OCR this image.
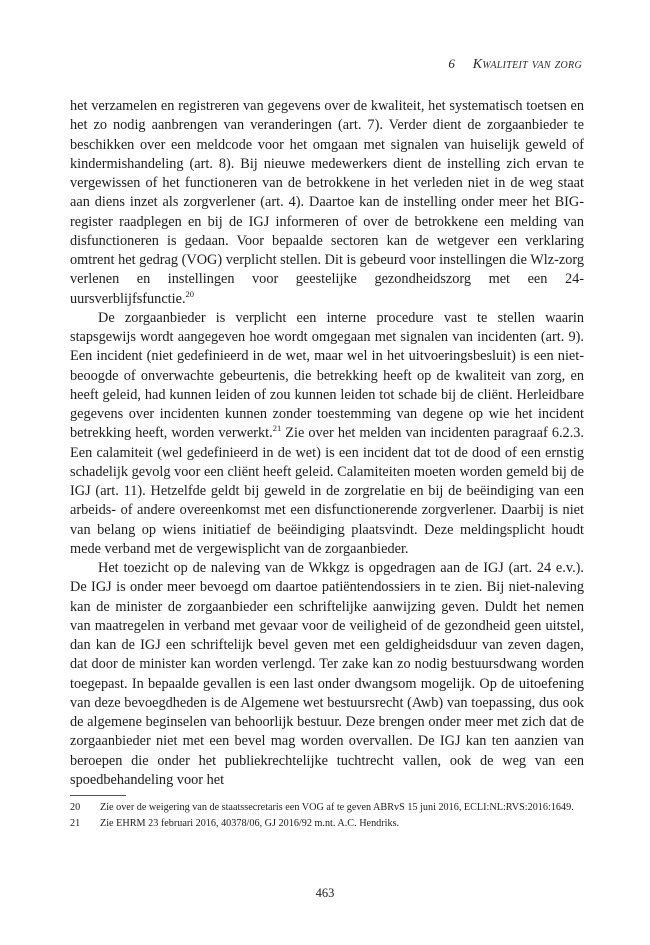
6 Kwaliteit van zorg

het verzamelen en registreren van gegevens over de kwaliteit, het systematisch toetsen en het zo nodig aanbrengen van veranderingen (art. 7). Verder dient de zorgaanbieder te beschikken over een meldcode voor het omgaan met signalen van huiselijk geweld of kindermishandeling (art. 8). Bij nieuwe medewerkers dient de instelling zich ervan te vergewissen of het functioneren van de betrokkene in het verleden niet in de weg staat aan diens inzet als zorgverlener (art. 4). Daartoe kan de instelling onder meer het BIG-register raadplegen en bij de IGJ informeren of over de betrokkene een melding van disfunctioneren is gedaan. Voor bepaalde sectoren kan de wetgever een verklaring omtrent het gedrag (VOG) verplicht stellen. Dit is gebeurd voor instellingen die Wlz-zorg verlenen en instellingen voor geestelijke gezondheidszorg met een 24-uursverblijfsfunctie.$^{20}$

De zorgaanbieder is verplicht een interne procedure vast te stellen waarin stapsgewijs wordt aangegeven hoe wordt omgegaan met signalen van incidenten (art. 9). Een incident (niet gedefinieerd in de wet, maar wel in het uitvoeringsbesluit) is een niet-beoogde of onverwachte gebeurtenis, die betrekking heeft op de kwaliteit van zorg, en heeft geleid, had kunnen leiden of zou kunnen leiden tot schade bij de cliënt. Herleidbare gegevens over incidenten kunnen zonder toestemming van degene op wie het incident betrekking heeft, worden verwerkt.$^{21}$ Zie over het melden van incidenten paragraaf 6.2.3. Een calamiteit (wel gedefinieerd in de wet) is een incident dat tot de dood of een ernstig schadelijk gevolg voor een cliënt heeft geleid. Calamiteiten moeten worden gemeld bij de IGJ (art. 11). Hetzelfde geldt bij geweld in de zorgrelatie en bij de beëindiging van een arbeids- of andere overeenkomst met een disfunctionerende zorgverlener. Daarbij is niet van belang op wiens initiatief de beëindiging plaatsvindt. Deze meldingsplicht houdt mede verband met de vergewisplicht van de zorgaanbieder.

Het toezicht op de naleving van de Wkkgz is opgedragen aan de IGJ (art. 24 e.v.). De IGJ is onder meer bevoegd om daartoe patiëntendossiers in te zien. Bij niet-naleving kan de minister de zorgaanbieder een schriftelijke aanwijzing geven. Duldt het nemen van maatregelen in verband met gevaar voor de veiligheid of de gezondheid geen uitstel, dan kan de IGJ een schriftelijk bevel geven met een geldigheidsduur van zeven dagen, dat door de minister kan worden verlengd. Ter zake kan zo nodig bestuursdwang worden toegepast. In bepaalde gevallen is een last onder dwangsom mogelijk. Op de uitoefening van deze bevoegdheden is de Algemene wet bestuursrecht (Awb) van toepassing, dus ook de algemene beginselen van behoorlijk bestuur. Deze brengen onder meer met zich dat de zorgaanbieder niet met een bevel mag worden overvallen. De IGJ kan ten aanzien van beroepen die onder het publiekrechtelijke tuchtrecht vallen, ook de weg van een spoedbehandeling voor het

20	Zie over de weigering van de staatssecretaris een VOG af te geven ABRvS 15 juni 2016, ECLI:NL:RVS:2016:1649.
21	Zie EHRM 23 februari 2016, 40378/06, GJ 2016/92 m.nt. A.C. Hendriks.
463
